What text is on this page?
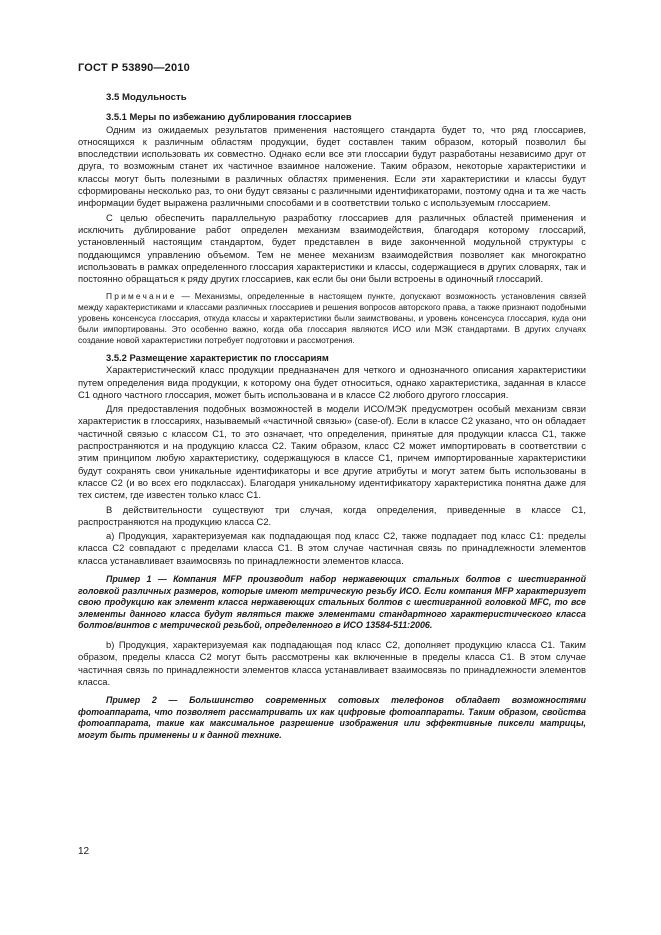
ГОСТ Р 53890—2010
3.5 Модульность
3.5.1 Меры по избежанию дублирования глоссариев

Одним из ожидаемых результатов применения настоящего стандарта будет то, что ряд глоссариев, относящихся к различным областям продукции, будет составлен таким образом, который позволил бы впоследствии использовать их совместно. Однако если все эти глоссарии будут разработаны независимо друг от друга, то возможным станет их частичное взаимное наложение. Таким образом, некоторые характеристики и классы могут быть полезными в различных областях применения. Если эти характеристики и классы будут сформированы несколько раз, то они будут связаны с различными идентификаторами, поэтому одна и та же часть информации будет выражена различными способами и в соответствии только с используемым глоссарием.

С целью обеспечить параллельную разработку глоссариев для различных областей применения и исключить дублирование работ определен механизм взаимодействия, благодаря которому глоссарий, установленный настоящим стандартом, будет представлен в виде законченной модульной структуры с поддающимся управлению объемом. Тем не менее механизм взаимодействия позволяет как многократно использовать в рамках определенного глоссария характеристики и классы, содержащиеся в других словарях, так и постоянно обращаться к ряду других глоссариев, как если бы они были встроены в одиночный глоссарий.

Примечание — Механизмы, определенные в настоящем пункте, допускают возможность установления связей между характеристиками и классами различных глоссариев и решения вопросов авторского права, а также признают подобными уровень консенсуса глоссария, откуда классы и характеристики были заимствованы, и уровень консенсуса глоссария, куда они были импортированы. Это особенно важно, когда оба глоссария являются ИСО или МЭК стандартами. В других случаях создание новой характеристики потребует подготовки и рассмотрения.

3.5.2 Размещение характеристик по глоссариям

Характеристический класс продукции предназначен для четкого и однозначного описания характеристики путем определения вида продукции, к которому она будет относиться, однако характеристика, заданная в классе С1 одного частного глоссария, может быть использована и в классе С2 любого другого глоссария.

Для предоставления подобных возможностей в модели ИСО/МЭК предусмотрен особый механизм связи характеристик в глоссариях, называемый «частичной связью» (case-of). Если в классе С2 указано, что он обладает частичной связью с классом С1, то это означает, что определения, принятые для продукции класса С1, также распространяются и на продукцию класса С2. Таким образом, класс С2 может импортировать в соответствии с этим принципом любую характеристику, содержащуюся в классе С1, причем импортированные характеристики будут сохранять свои уникальные идентификаторы и все другие атрибуты и могут затем быть использованы в классе С2 (и во всех его подклассах). Благодаря уникальному идентификатору характеристика понятна даже для тех систем, где известен только класс С1.

В действительности существуют три случая, когда определения, приведенные в классе С1, распространяются на продукцию класса С2.

а) Продукция, характеризуемая как подпадающая под класс С2, также подпадает под класс С1: пределы класса С2 совпадают с пределами класса С1. В этом случае частичная связь по принадлежности элементов класса устанавливает взаимосвязь по принадлежности элементов класса.

Пример 1 — Компания MFP производит набор нержавеющих стальных болтов с шестигранной головкой различных размеров, которые имеют метрическую резьбу ИСО. Если компания MFP характеризует свою продукцию как элемент класса нержавеющих стальных болтов с шестигранной головкой MFC, то все элементы данного класса будут являться также элементами стандартного характеристического класса болтов/винтов с метрической резьбой, определенного в ИСО 13584-511:2006.

b) Продукция, характеризуемая как подпадающая под класс С2, дополняет продукцию класса С1. Таким образом, пределы класса С2 могут быть рассмотрены как включенные в пределы класса С1. В этом случае частичная связь по принадлежности элементов класса устанавливает взаимосвязь по принадлежности элементов класса.

Пример 2 — Большинство современных сотовых телефонов обладает возможностями фотоаппарата, что позволяет рассматривать их как цифровые фотоаппараты. Таким образом, свойства фотоаппарата, такие как максимальное разрешение изображения или эффективные пиксели матрицы, могут быть применены и к данной технике.

12
